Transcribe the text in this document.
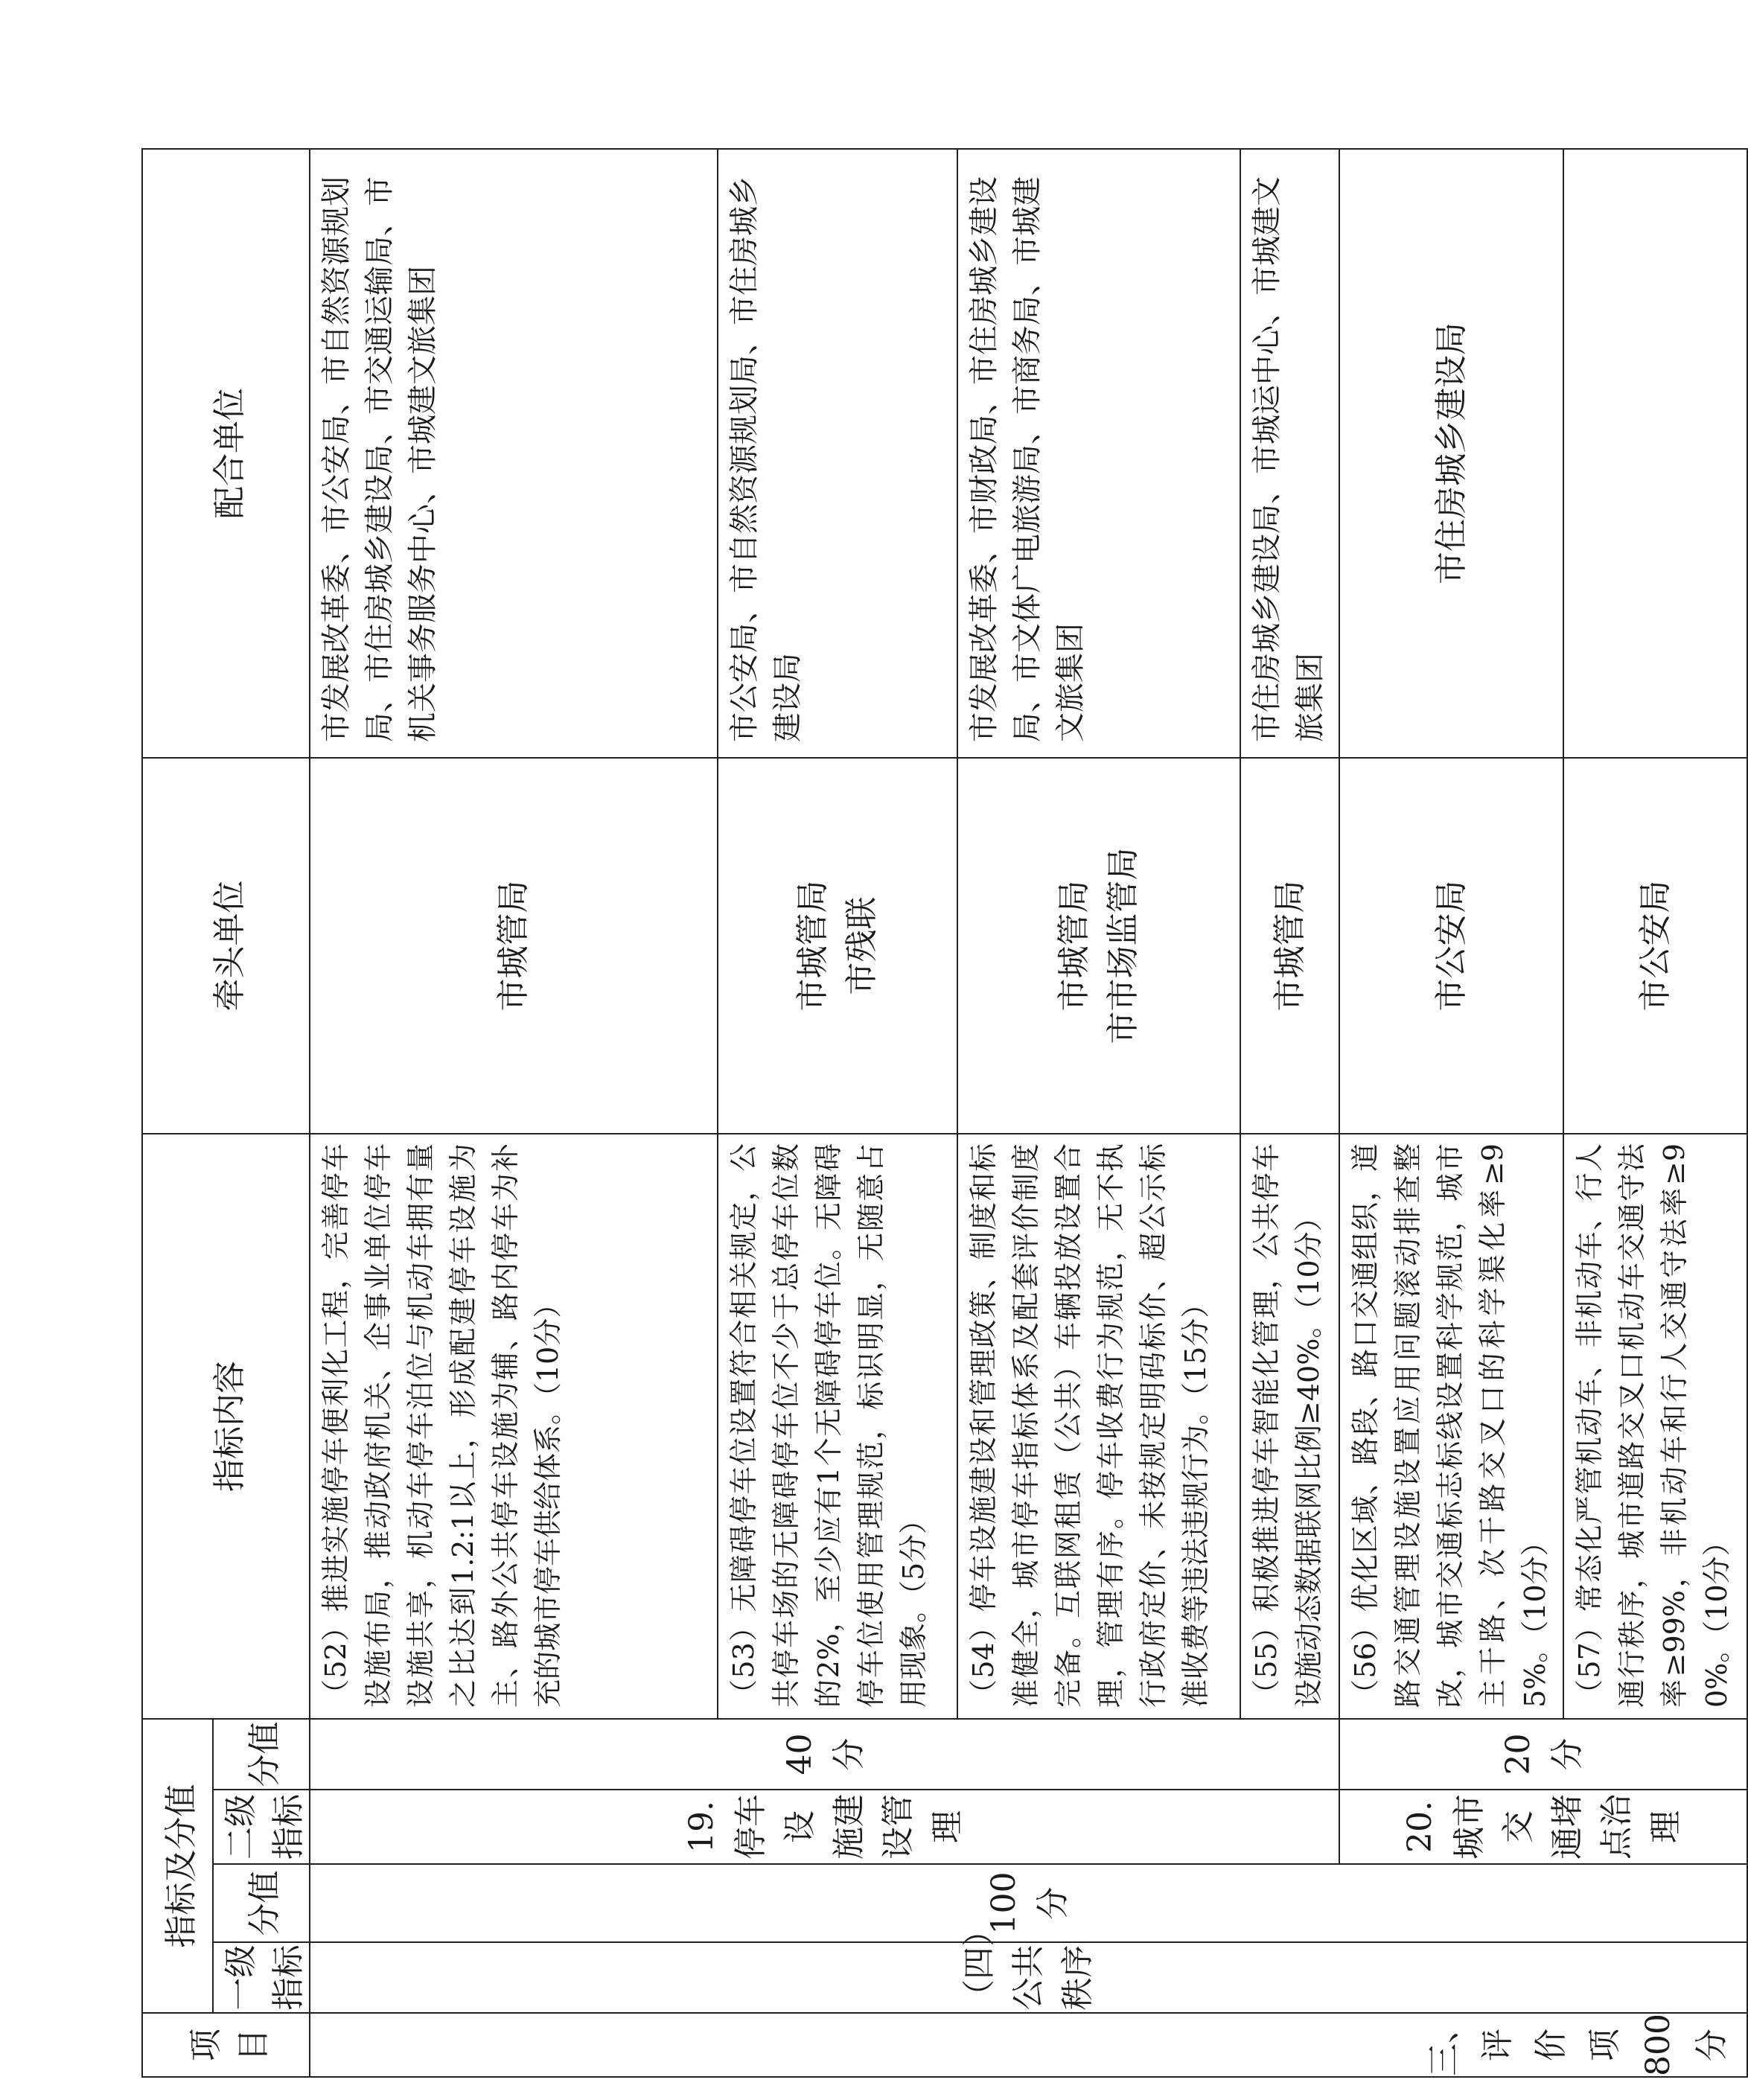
项目	指标及分值				指标内容	牵头单位	配合单位
	一级指标	分值	二级指标	分值			

三、 评 价 项 800分	（四） 公共秩序	100分	19.停车设 施建设管理	40分	（52）推进实施停车便利化工程，完善停车设施布局，推动政府机关、企事业单位停车设施共享，机动车停车泊位与机动车拥有量之比达到1.2:1以上，形成配建停车设施为主、路外公共停车设施为辅、路内停车为补充的城市停车供给体系。（10分）	市城管局	市发展改革委、市公安局、市自然资源规划局、市住房城乡建设局、市交通运输局、市机关事务服务中心、市城建文旅集团
					（53）无障碍停车位设置符合相关规定，公共停车场的无障碍停车位不少于总停车位数的2%，至少应有1个无障碍停车位。无障碍停车位使用管理规范，标识明显，无随意占用现象。（5分）	市城管局 市残联	市公安局、市自然资源规划局、市住房城乡建设局
					（54）停车设施建设和管理政策、制度和标准健全，城市停车指标体系及配套评价制度完备。互联网租赁（公共）车辆投放设置合理，管理有序。停车收费行为规范，无不执行政府定价、未按规定明码标价、超公示标准收费等违法违规行为。（15分）	市城管局 市市场监管局	市发展改革委、市财政局、市住房城乡建设局、市文体广电旅游局、市商务局、市城建文旅集团
					（55）积极推进停车智能化管理，公共停车设施动态数据联网比例≥40%。（10分）	市城管局	市住房城乡建设局、市城运中心、市城建文旅集团

			20.城市交 通堵点治理	20分	（56）优化区域、路段、路口交通组织，道路交通管理设施设置应用问题滚动排查整改，城市交通标志标线设置科学规范，城市主干路、次干路交叉口的科学渠化率≥95%。（10分）	市公安局	市住房城乡建设局
					（57）常态化严管机动车、非机动车、行人通行秩序，城市道路交叉口机动车交通守法率≥99%，非机动车和行人交通守法率≥90%。（10分）	市公安局	
